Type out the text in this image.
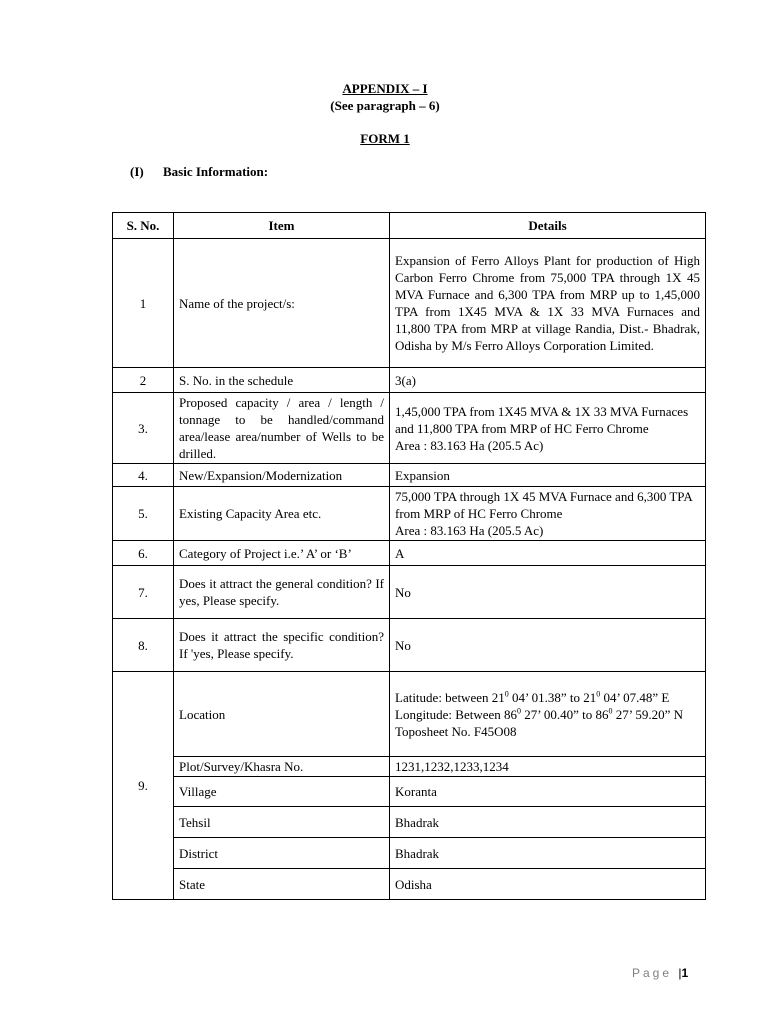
APPENDIX – I
(See paragraph – 6)
FORM 1
(I) Basic Information:
S. No.	Item	Details
1	Name of the project/s:	Expansion of Ferro Alloys Plant for production of High Carbon Ferro Chrome from 75,000 TPA through 1X 45 MVA Furnace and 6,300 TPA from MRP up to 1,45,000 TPA from 1X45 MVA & 1X 33 MVA Furnaces and 11,800 TPA from MRP at village Randia, Dist.- Bhadrak, Odisha by M/s Ferro Alloys Corporation Limited.
2	S. No. in the schedule	3(a)
3.	Proposed capacity / area / length / tonnage to be handled/command area/lease area/number of Wells to be drilled.	1,45,000 TPA from 1X45 MVA & 1X 33 MVA Furnaces and 11,800 TPA from MRP of HC Ferro Chrome
Area : 83.163 Ha (205.5 Ac)

4.	New/Expansion/Modernization	Expansion
5.	Existing Capacity Area etc.	75,000 TPA through 1X 45 MVA Furnace and 6,300 TPA from MRP of HC Ferro Chrome
Area : 83.163 Ha (205.5 Ac)

6.	Category of Project i.e.’ A’ or ‘B’	A
7.	Does it attract the general condition? If yes, Please specify.	No
8.	Does it attract the specific condition? If 'yes, Please specify.	No
9.	Location	Latitude: between $21^0$ 04’ 01.38” to $21^0$ 04’ 07.48” E
Longitude: Between $86^0$ 27’ 00.40” to $86^0$ 27’ 59.20” N
Toposheet No. F45O08

	Plot/Survey/Khasra No.	1231,1232,1233,1234
	Village	Koranta
	Tehsil	Bhadrak
	District	Bhadrak
	State	Odisha
Page |1
